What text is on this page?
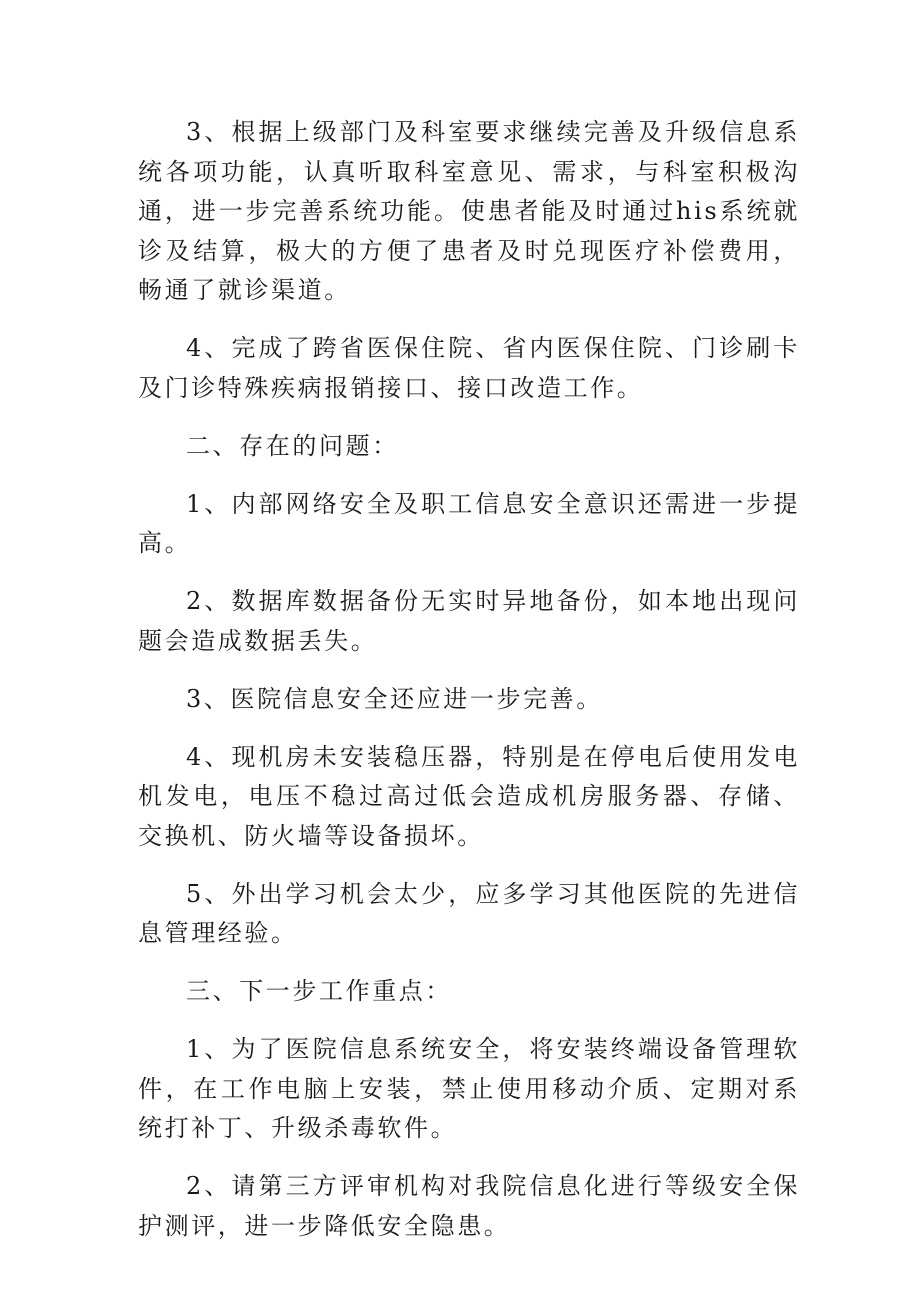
3、根据上级部门及科室要求继续完善及升级信息系统各项功能，认真听取科室意见、需求，与科室积极沟通，进一步完善系统功能。使患者能及时通过his系统就诊及结算，极大的方便了患者及时兑现医疗补偿费用，畅通了就诊渠道。

4、完成了跨省医保住院、省内医保住院、门诊刷卡及门诊特殊疾病报销接口、接口改造工作。

二、存在的问题：

1、内部网络安全及职工信息安全意识还需进一步提高。

2、数据库数据备份无实时异地备份，如本地出现问题会造成数据丢失。

3、医院信息安全还应进一步完善。

4、现机房未安装稳压器，特别是在停电后使用发电机发电，电压不稳过高过低会造成机房服务器、存储、交换机、防火墙等设备损坏。

5、外出学习机会太少，应多学习其他医院的先进信息管理经验。

三、下一步工作重点：

1、为了医院信息系统安全，将安装终端设备管理软件，在工作电脑上安装，禁止使用移动介质、定期对系统打补丁、升级杀毒软件。

2、请第三方评审机构对我院信息化进行等级安全保护测评，进一步降低安全隐患。
